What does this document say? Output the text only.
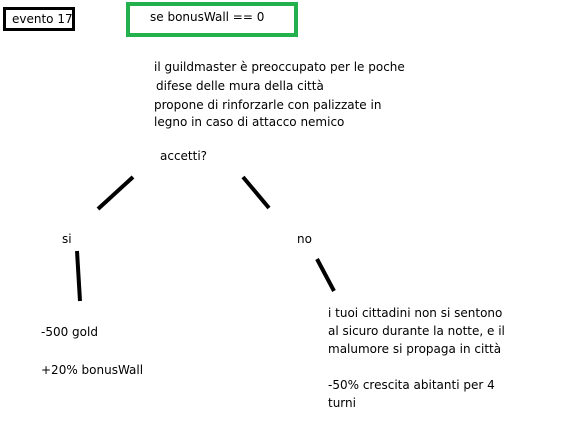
evento 17	se bonusWall == 0
il guildmaster è preoccupato per le poche
difese delle mura della città
propone di rinforzarle con palizzate in
legno in caso di attacco nemico
accetti?
si
-500 gold
+20% bonusWall
no
i tuoi cittadini non si sentono
al sicuro durante la notte, e il
malumore si propaga in città
-50% crescita abitanti per 4
turni
